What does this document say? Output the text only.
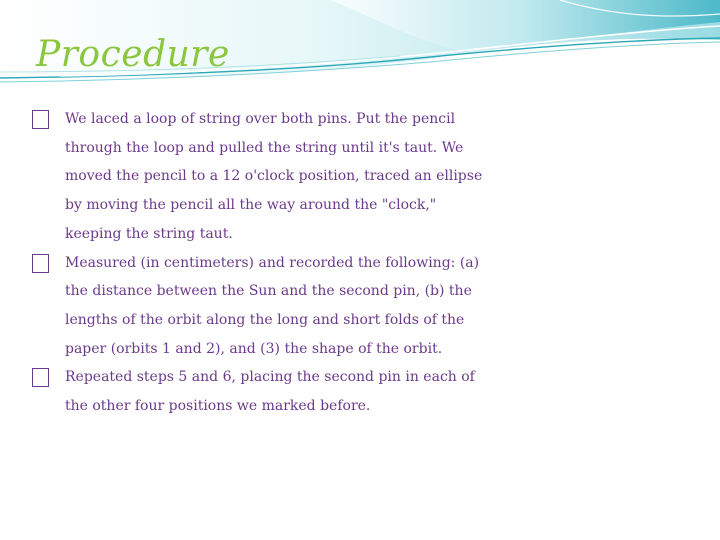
Procedure
We laced a loop of string over both pins. Put the pencil
through the loop and pulled the string until it's taut. We
moved the pencil to a 12 o'clock position, traced an ellipse
by moving the pencil all the way around the "clock,"
keeping the string taut.
Measured (in centimeters) and recorded the following: (a)
the distance between the Sun and the second pin, (b) the
lengths of the orbit along the long and short folds of the
paper (orbits 1 and 2), and (3) the shape of the orbit.
Repeated steps 5 and 6, placing the second pin in each of
the other four positions we marked before.
